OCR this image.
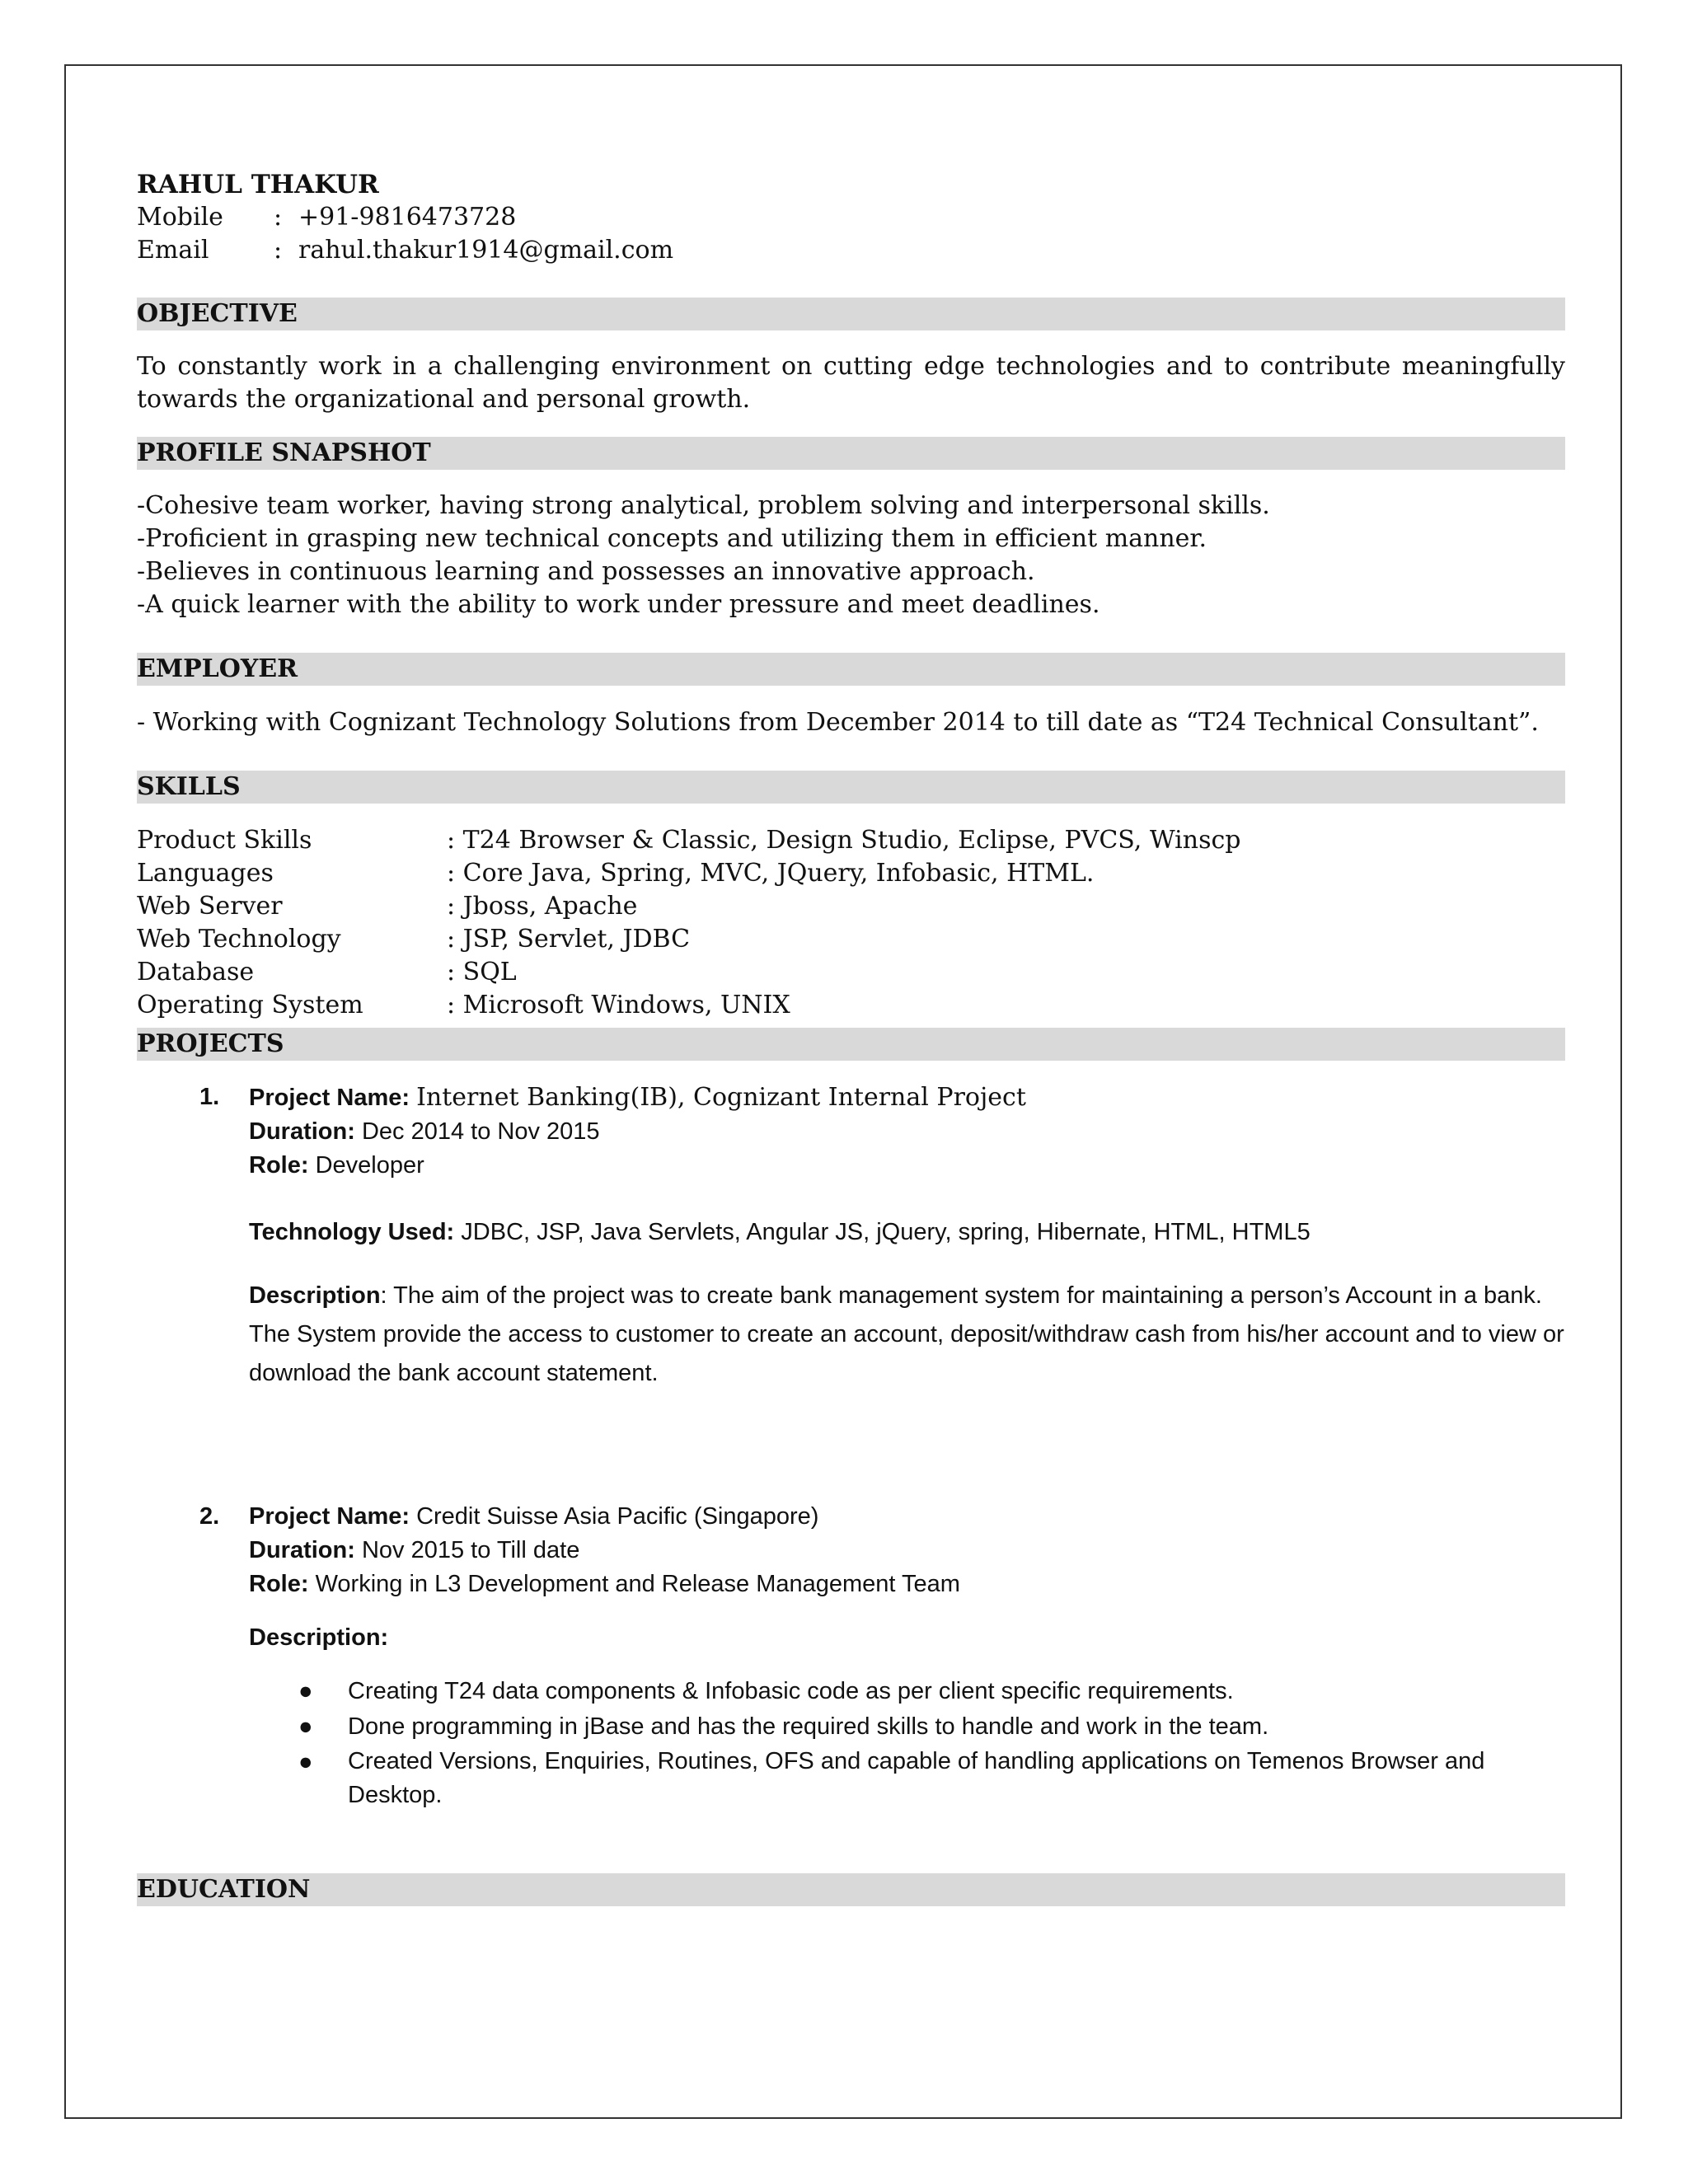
RAHUL THAKUR
Mobile	: +91-9816473728
Email	: rahul.thakur1914@gmail.com
OBJECTIVE
To constantly work in a challenging environment on cutting edge technologies and to contribute meaningfully towards the organizational and personal growth.
PROFILE SNAPSHOT
-Cohesive team worker, having strong analytical, problem solving and interpersonal skills.
-Proficient in grasping new technical concepts and utilizing them in efficient manner.
-Believes in continuous learning and possesses an innovative approach.
-A quick learner with the ability to work under pressure and meet deadlines.
EMPLOYER
- Working with Cognizant Technology Solutions from December 2014 to till date as “T24 Technical Consultant”.
SKILLS
Product Skills	: T24 Browser & Classic, Design Studio, Eclipse, PVCS, Winscp
Languages	: Core Java, Spring, MVC, JQuery, Infobasic, HTML.
Web Server	: Jboss, Apache
Web Technology	: JSP, Servlet, JDBC
Database	: SQL
Operating System	: Microsoft Windows, UNIX
PROJECTS
1.	Project Name: Internet Banking(IB), Cognizant Internal Project
Duration: Dec 2014 to Nov 2015
Role: Developer
Technology Used: JDBC, JSP, Java Servlets, Angular JS, jQuery, spring, Hibernate, HTML, HTML5
Description: The aim of the project was to create bank management system for maintaining a person’s Account in a bank. The System provide the access to customer to create an account, deposit/withdraw cash from his/her account and to view or download the bank account statement.
2.	Project Name: Credit Suisse Asia Pacific (Singapore)
Duration: Nov 2015 to Till date
Role: Working in L3 Development and Release Management Team
Description:
●	Creating T24 data components & Infobasic code as per client specific requirements.
●	Done programming in jBase and has the required skills to handle and work in the team.
●	Created Versions, Enquiries, Routines, OFS and capable of handling applications on Temenos Browser and Desktop.
EDUCATION
